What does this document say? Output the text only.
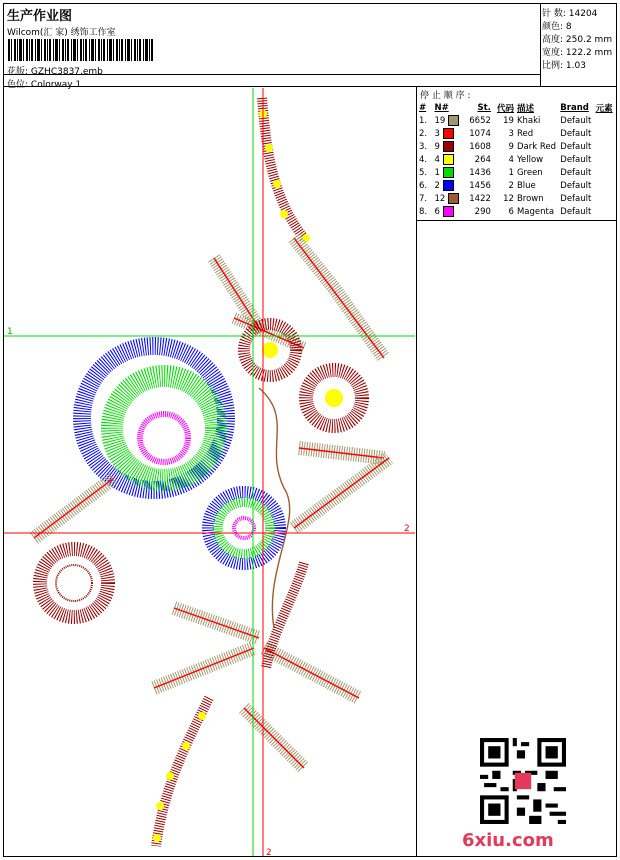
生产作业图
Wilcom(汇 家) 绣饰工作室
花版: GZHC3837.emb
色位: Colorway 1
针 数: 14204
颜色: 8
高度: 250.2 mm
宽度: 122.2 mm
比例: 1.03
停 止 顺 序 :
#	N#	St.	代码	描述	Brand	元素
1.	19	6652	19	Khaki	Default	
2.	3	1074	3	Red	Default	
3.	9	1608	9	Dark Red	Default	
4.	4	264	4	Yellow	Default	
5.	1	1436	1	Green	Default	
6.	2	1456	2	Blue	Default	
7.	12	1422	12	Brown	Default	
8.	6	290	6	Magenta	Default	
1
2
2
6xiu.com
